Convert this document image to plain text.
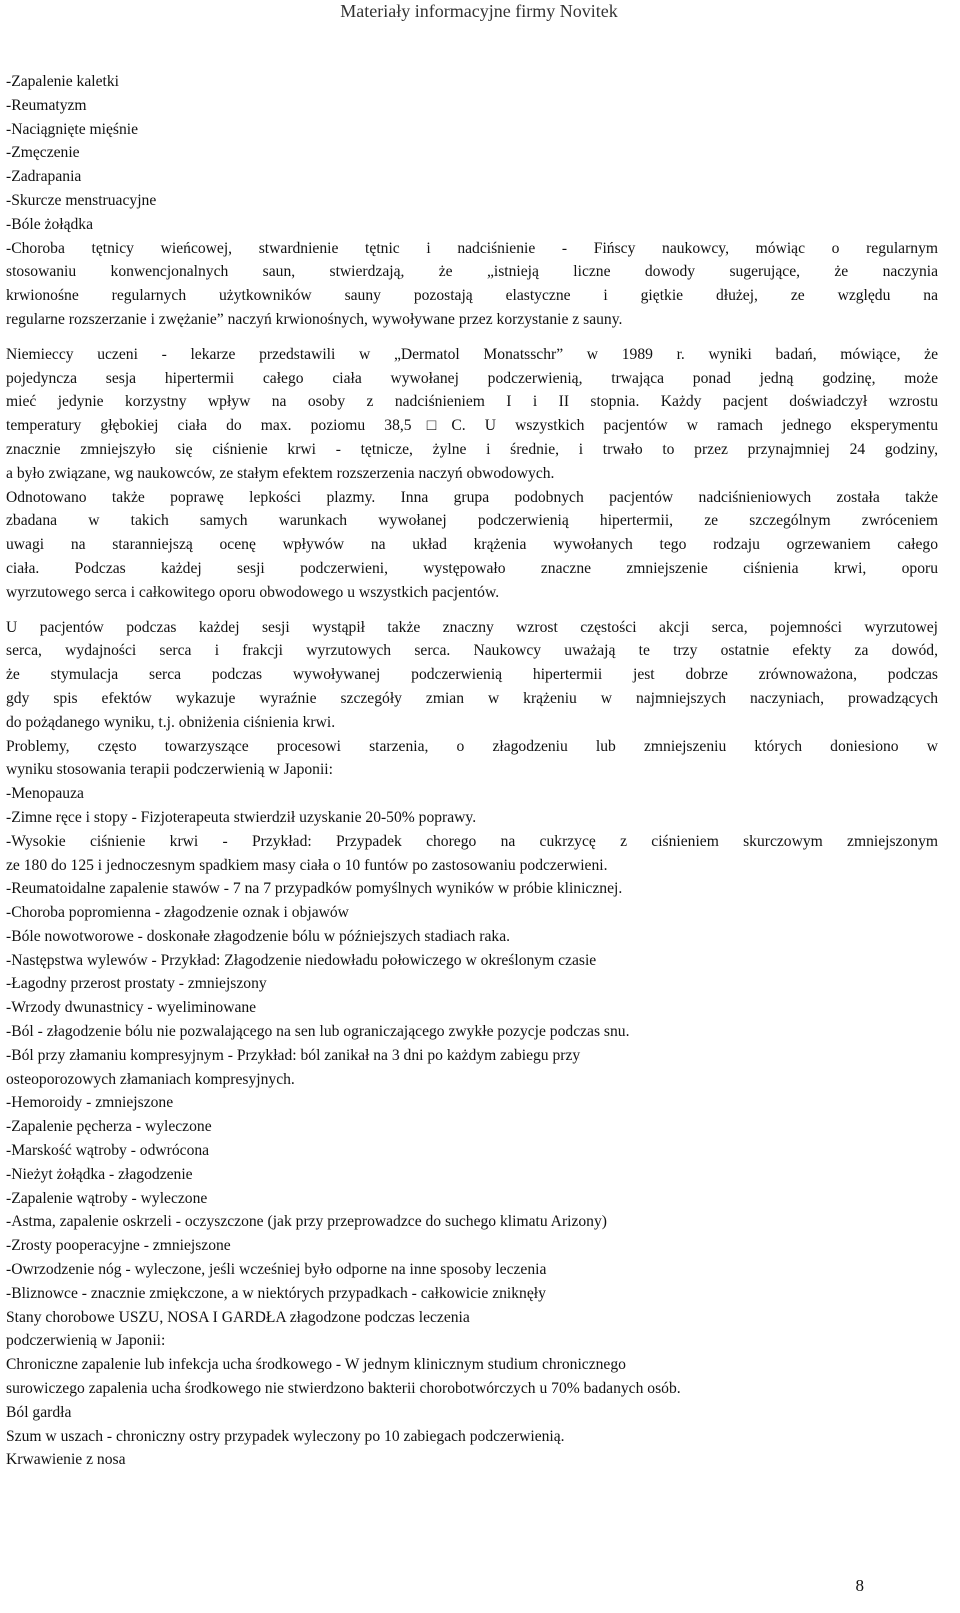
Materiały informacyjne firmy Novitek
-Zapalenie kaletki
-Reumatyzm
-Naciągnięte mięśnie
-Zmęczenie
-Zadrapania
-Skurcze menstruacyjne
-Bóle żołądka
-Choroba tętnicy wieńcowej, stwardnienie tętnic i nadciśnienie - Fińscy naukowcy, mówiąc o regularnym
stosowaniu konwencjonalnych saun, stwierdzają, że „istnieją liczne dowody sugerujące, że naczynia
krwionośne regularnych użytkowników sauny pozostają elastyczne i giętkie dłużej, ze względu na
regularne rozszerzanie i zwężanie” naczyń krwionośnych, wywoływane przez korzystanie z sauny.
Niemieccy uczeni - lekarze przedstawili w „Dermatol Monatsschr” w 1989 r. wyniki badań, mówiące, że
pojedyncza sesja hipertermii całego ciała wywołanej podczerwienią, trwająca ponad jedną godzinę, może
mieć jedynie korzystny wpływ na osoby z nadciśnieniem I i II stopnia. Każdy pacjent doświadczył wzrostu
temperatury głębokiej ciała do max. poziomu 38,5□C. U wszystkich pacjentów w ramach jednego eksperymentu
znacznie zmniejszyło się ciśnienie krwi - tętnicze, żylne i średnie, i trwało to przez przynajmniej 24 godziny,
a było związane, wg naukowców, ze stałym efektem rozszerzenia naczyń obwodowych.
Odnotowano także poprawę lepkości plazmy. Inna grupa podobnych pacjentów nadciśnieniowych została także
zbadana w takich samych warunkach wywołanej podczerwienią hipertermii, ze szczególnym zwróceniem
uwagi na staranniejszą ocenę wpływów na układ krążenia wywołanych tego rodzaju ogrzewaniem całego
ciała. Podczas każdej sesji podczerwieni, występowało znaczne zmniejszenie ciśnienia krwi, oporu
wyrzutowego serca i całkowitego oporu obwodowego u wszystkich pacjentów.
U pacjentów podczas każdej sesji wystąpił także znaczny wzrost częstości akcji serca, pojemności wyrzutowej
serca, wydajności serca i frakcji wyrzutowych serca. Naukowcy uważają te trzy ostatnie efekty za dowód,
że stymulacja serca podczas wywoływanej podczerwienią hipertermii jest dobrze zrównoważona, podczas
gdy spis efektów wykazuje wyraźnie szczegóły zmian w krążeniu w najmniejszych naczyniach, prowadzących
do pożądanego wyniku, t.j. obniżenia ciśnienia krwi.
Problemy, często towarzyszące procesowi starzenia, o złagodzeniu lub zmniejszeniu których doniesiono w
wyniku stosowania terapii podczerwienią w Japonii:
-Menopauza
-Zimne ręce i stopy - Fizjoterapeuta stwierdził uzyskanie 20-50% poprawy.
-Wysokie ciśnienie krwi - Przykład: Przypadek chorego na cukrzycę z ciśnieniem skurczowym zmniejszonym
ze 180 do 125 i jednoczesnym spadkiem masy ciała o 10 funtów po zastosowaniu podczerwieni.
-Reumatoidalne zapalenie stawów - 7 na 7 przypadków pomyślnych wyników w próbie klinicznej.
-Choroba popromienna - złagodzenie oznak i objawów
-Bóle nowotworowe - doskonałe złagodzenie bólu w późniejszych stadiach raka.
-Następstwa wylewów - Przykład: Złagodzenie niedowładu połowiczego w określonym czasie
-Łagodny przerost prostaty - zmniejszony
-Wrzody dwunastnicy - wyeliminowane
-Ból - złagodzenie bólu nie pozwalającego na sen lub ograniczającego zwykłe pozycje podczas snu.
-Ból przy złamaniu kompresyjnym - Przykład: ból zanikał na 3 dni po każdym zabiegu przy
osteoporozowych złamaniach kompresyjnych.
-Hemoroidy - zmniejszone
-Zapalenie pęcherza - wyleczone
-Marskość wątroby - odwrócona
-Nieżyt żołądka - złagodzenie
-Zapalenie wątroby - wyleczone
-Astma, zapalenie oskrzeli - oczyszczone (jak przy przeprowadzce do suchego klimatu Arizony)
-Zrosty pooperacyjne - zmniejszone
-Owrzodzenie nóg - wyleczone, jeśli wcześniej było odporne na inne sposoby leczenia
-Bliznowce - znacznie zmiękczone, a w niektórych przypadkach - całkowicie zniknęły
Stany chorobowe USZU, NOSA I GARDŁA złagodzone podczas leczenia
podczerwienią w Japonii:
Chroniczne zapalenie lub infekcja ucha środkowego - W jednym klinicznym studium chronicznego
surowiczego zapalenia ucha środkowego nie stwierdzono bakterii chorobotwórczych u 70% badanych osób.
Ból gardła
Szum w uszach - chroniczny ostry przypadek wyleczony po 10 zabiegach podczerwienią.
Krwawienie z nosa
8
